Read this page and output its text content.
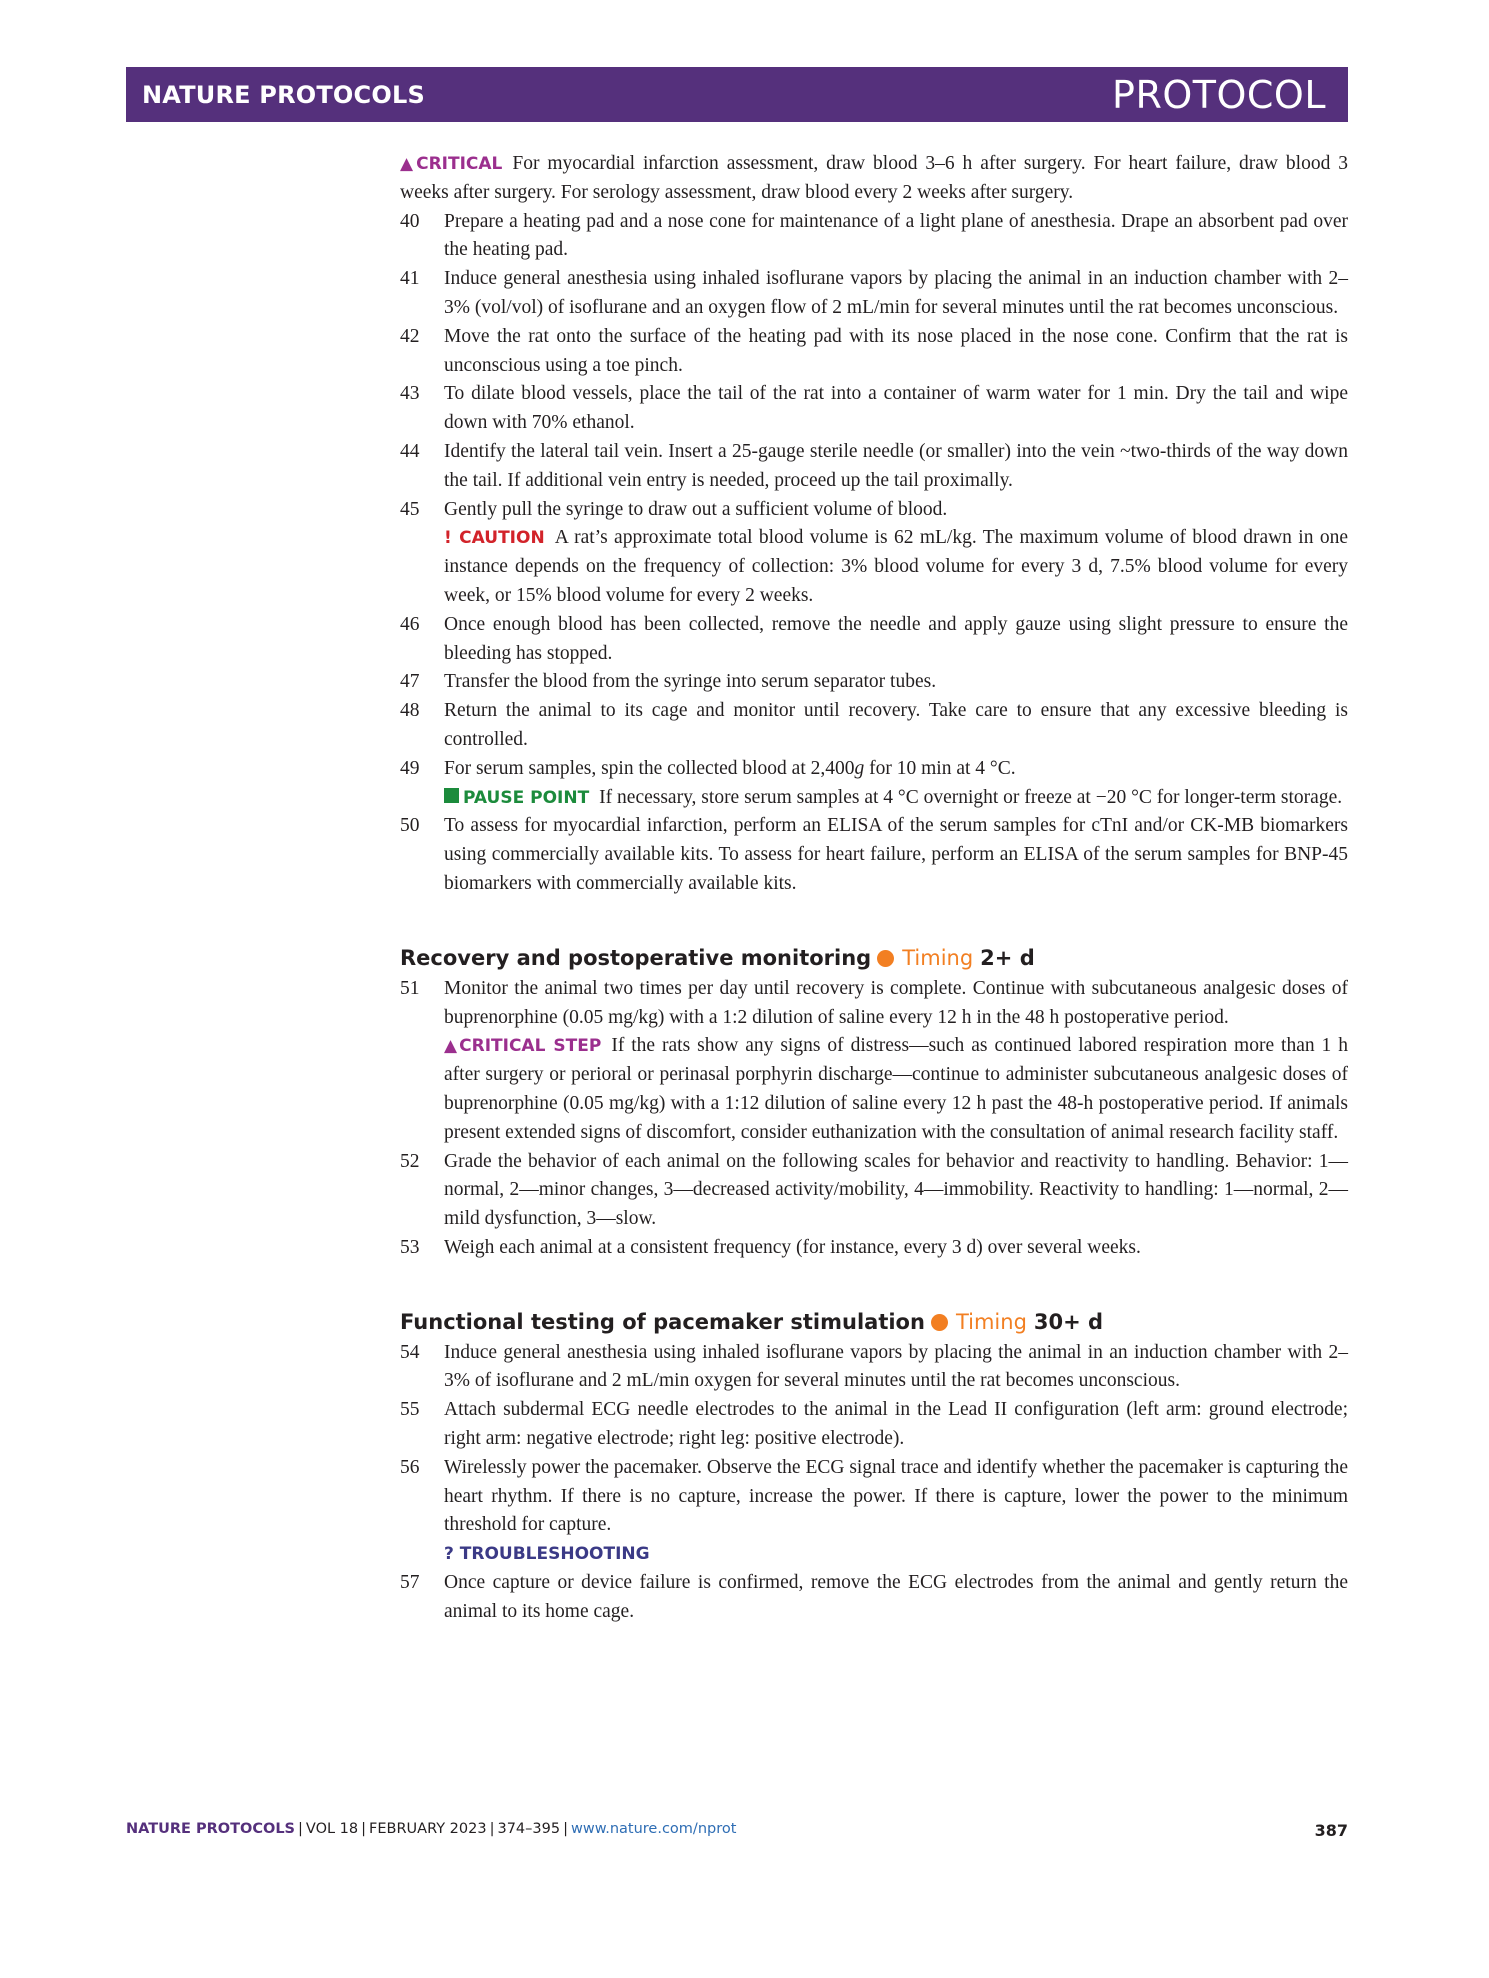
NATURE PROTOCOLS	PROTOCOL

▲CRITICAL For myocardial infarction assessment, draw blood 3–6 h after surgery. For heart failure, draw blood 3 weeks after surgery. For serology assessment, draw blood every 2 weeks after surgery.

40 Prepare a heating pad and a nose cone for maintenance of a light plane of anesthesia. Drape an absorbent pad over the heating pad.

41 Induce general anesthesia using inhaled isoflurane vapors by placing the animal in an induction chamber with 2–3% (vol/vol) of isoflurane and an oxygen flow of 2 mL/min for several minutes until the rat becomes unconscious.

42 Move the rat onto the surface of the heating pad with its nose placed in the nose cone. Confirm that the rat is unconscious using a toe pinch.

43 To dilate blood vessels, place the tail of the rat into a container of warm water for 1 min. Dry the tail and wipe down with 70% ethanol.

44 Identify the lateral tail vein. Insert a 25-gauge sterile needle (or smaller) into the vein ~two-thirds of the way down the tail. If additional vein entry is needed, proceed up the tail proximally.

45 Gently pull the syringe to draw out a sufficient volume of blood.

! CAUTION A rat’s approximate total blood volume is 62 mL/kg. The maximum volume of blood drawn in one instance depends on the frequency of collection: 3% blood volume for every 3 d, 7.5% blood volume for every week, or 15% blood volume for every 2 weeks.

46 Once enough blood has been collected, remove the needle and apply gauze using slight pressure to ensure the bleeding has stopped.

47 Transfer the blood from the syringe into serum separator tubes.

48 Return the animal to its cage and monitor until recovery. Take care to ensure that any excessive bleeding is controlled.

49 For serum samples, spin the collected blood at 2,400g for 10 min at 4 °C.

PAUSE POINT If necessary, store serum samples at 4 °C overnight or freeze at −20 °C for longer-term storage.

50 To assess for myocardial infarction, perform an ELISA of the serum samples for cTnI and/or CK-MB biomarkers using commercially available kits. To assess for heart failure, perform an ELISA of the serum samples for BNP-45 biomarkers with commercially available kits.

Recovery and postoperative monitoring Timing 2+ d
51 Monitor the animal two times per day until recovery is complete. Continue with subcutaneous analgesic doses of buprenorphine (0.05 mg/kg) with a 1:2 dilution of saline every 12 h in the 48 h postoperative period.

▲CRITICAL STEP If the rats show any signs of distress—such as continued labored respiration more than 1 h after surgery or perioral or perinasal porphyrin discharge—continue to administer subcutaneous analgesic doses of buprenorphine (0.05 mg/kg) with a 1:12 dilution of saline every 12 h past the 48-h postoperative period. If animals present extended signs of discomfort, consider euthanization with the consultation of animal research facility staff.

52 Grade the behavior of each animal on the following scales for behavior and reactivity to handling. Behavior: 1—normal, 2—minor changes, 3—decreased activity/mobility, 4—immobility. Reactivity to handling: 1—normal, 2—mild dysfunction, 3—slow.

53 Weigh each animal at a consistent frequency (for instance, every 3 d) over several weeks.

Functional testing of pacemaker stimulation Timing 30+ d

54 Induce general anesthesia using inhaled isoflurane vapors by placing the animal in an induction chamber with 2–3% of isoflurane and 2 mL/min oxygen for several minutes until the rat becomes unconscious.

55 Attach subdermal ECG needle electrodes to the animal in the Lead II configuration (left arm: ground electrode; right arm: negative electrode; right leg: positive electrode).

56 Wirelessly power the pacemaker. Observe the ECG signal trace and identify whether the pacemaker is capturing the heart rhythm. If there is no capture, increase the power. If there is capture, lower the power to the minimum threshold for capture.

? TROUBLESHOOTING

57 Once capture or device failure is confirmed, remove the ECG electrodes from the animal and gently return the animal to its home cage.

NATURE PROTOCOLS | VOL 18 | FEBRUARY 2023 | 374–395 | www.nature.com/nprot	387
